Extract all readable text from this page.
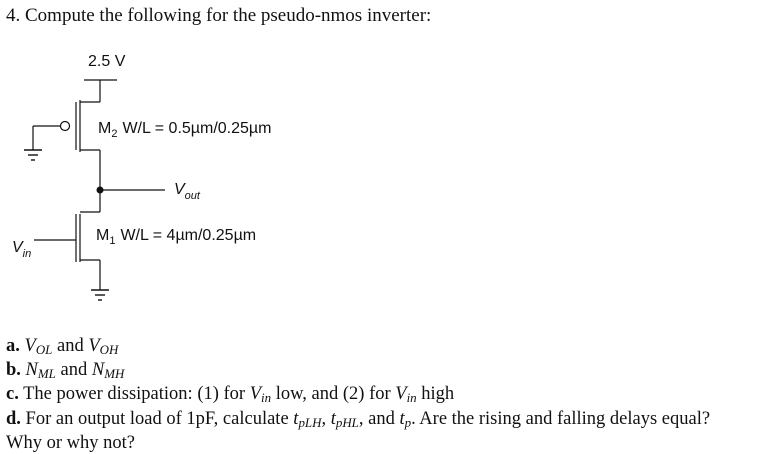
4. Compute the following for the pseudo-nmos inverter:
2.5 V
$M_2$ W/L = 0.5µm/0.25µm
$V_{out}$
$M_1$ W/L = 4µm/0.25µm
$V_{in}$
a. $V_{OL}$ and $V_{OH}$
b. $N_{ML}$ and $N_{MH}$
c. The power dissipation: (1) for $V_{in}$ low, and (2) for $V_{in}$ high
d. For an output load of 1pF, calculate $t_{pLH}$, $t_{pHL}$, and $t_p$. Are the rising and falling delays equal?
Why or why not?
